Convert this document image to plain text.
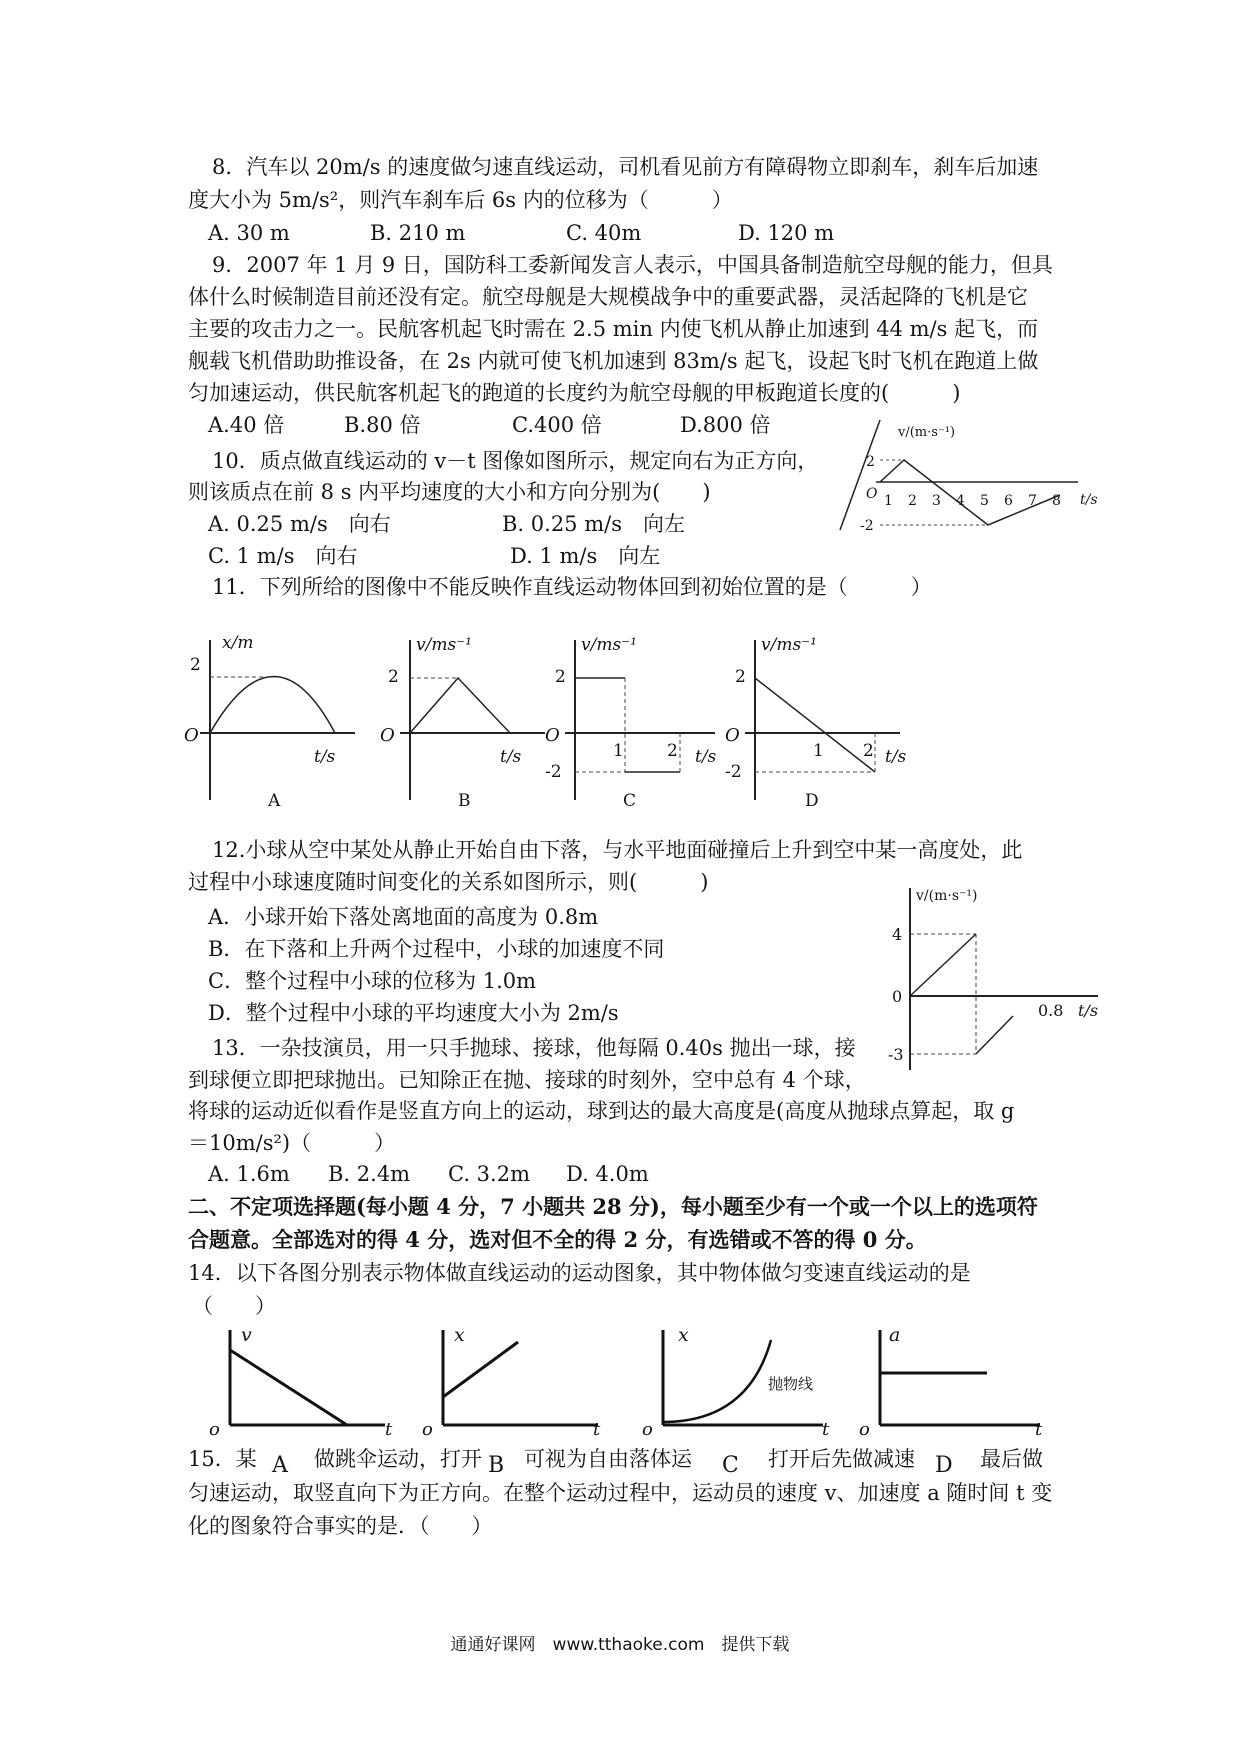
8．汽车以 20m/s 的速度做匀速直线运动，司机看见前方有障碍物立即刹车，刹车后加速
度大小为 5m/s²，则汽车刹车后 6s 内的位移为（　　　）
A. 30 m	B. 210 m	C. 40m	D. 120 m
9．2007 年 1 月 9 日，国防科工委新闻发言人表示，中国具备制造航空母舰的能力，但具
体什么时候制造目前还没有定。航空母舰是大规模战争中的重要武器，灵活起降的飞机是它
主要的攻击力之一。民航客机起飞时需在 2.5 min 内使飞机从静止加速到 44 m/s 起飞，而
舰载飞机借助助推设备，在 2s 内就可使飞机加速到 83m/s 起飞，设起飞时飞机在跑道上做
匀加速运动，供民航客机起飞的跑道的长度约为航空母舰的甲板跑道长度的(　　　)
A.40 倍	B.80 倍	C.400 倍	D.800 倍
10．质点做直线运动的 v－t 图像如图所示，规定向右为正方向，
则该质点在前 8 s 内平均速度的大小和方向分别为(　　)
A. 0.25 m/s　向右	B. 0.25 m/s　向左
C. 1 m/s　向右	D. 1 m/s　向左
v/(m·s⁻¹)
t/s
O
2
-2
1 2 3 4 5 6 7 8
11．下列所给的图像中不能反映作直线运动物体回到初始位置的是（　　　）
x/m
2
O
t/s
A
v/ms⁻¹
2
O
t/s
B
v/ms⁻¹
2
O
-2
1	2 t/s
C
v/ms⁻¹
2
O
-2
1 2 t/s
D
12.小球从空中某处从静止开始自由下落，与水平地面碰撞后上升到空中某一高度处，此
过程中小球速度随时间变化的关系如图所示，则(　　　)
A．小球开始下落处离地面的高度为 0.8m
B．在下落和上升两个过程中，小球的加速度不同
C．整个过程中小球的位移为 1.0m
D．整个过程中小球的平均速度大小为 2m/s
v/(m·s⁻¹)
4
0
-3
0.8 t/s
13．一杂技演员，用一只手抛球、接球，他每隔 0.40s 抛出一球，接
到球便立即把球抛出。已知除正在抛、接球的时刻外，空中总有 4 个球，
将球的运动近似看作是竖直方向上的运动，球到达的最大高度是(高度从抛球点算起，取 g
＝10m/s²)（　　　）
A. 1.6m B. 2.4m C. 3.2m D. 4.0m
二、不定项选择题(每小题 4 分，7 小题共 28 分)，每小题至少有一个或一个以上的选项符
合题意。全部选对的得 4 分，选对但不全的得 2 分，有选错或不答的得 0 分。
14．以下各图分别表示物体做直线运动的运动图象，其中物体做匀变速直线运动的是
（　　）
v
o	t
x
o	t
x
o	t
抛物线
a
o	t
15．某	做跳伞运动，打开 可视为自由落体运	打开后先做减速	最后做
A	B	C	D
匀速运动，取竖直向下为正方向。在整个运动过程中，运动员的速度 v、加速度 a 随时间 t 变
化的图象符合事实的是．（　　）
通通好课网　www.tthaoke.com　提供下载
